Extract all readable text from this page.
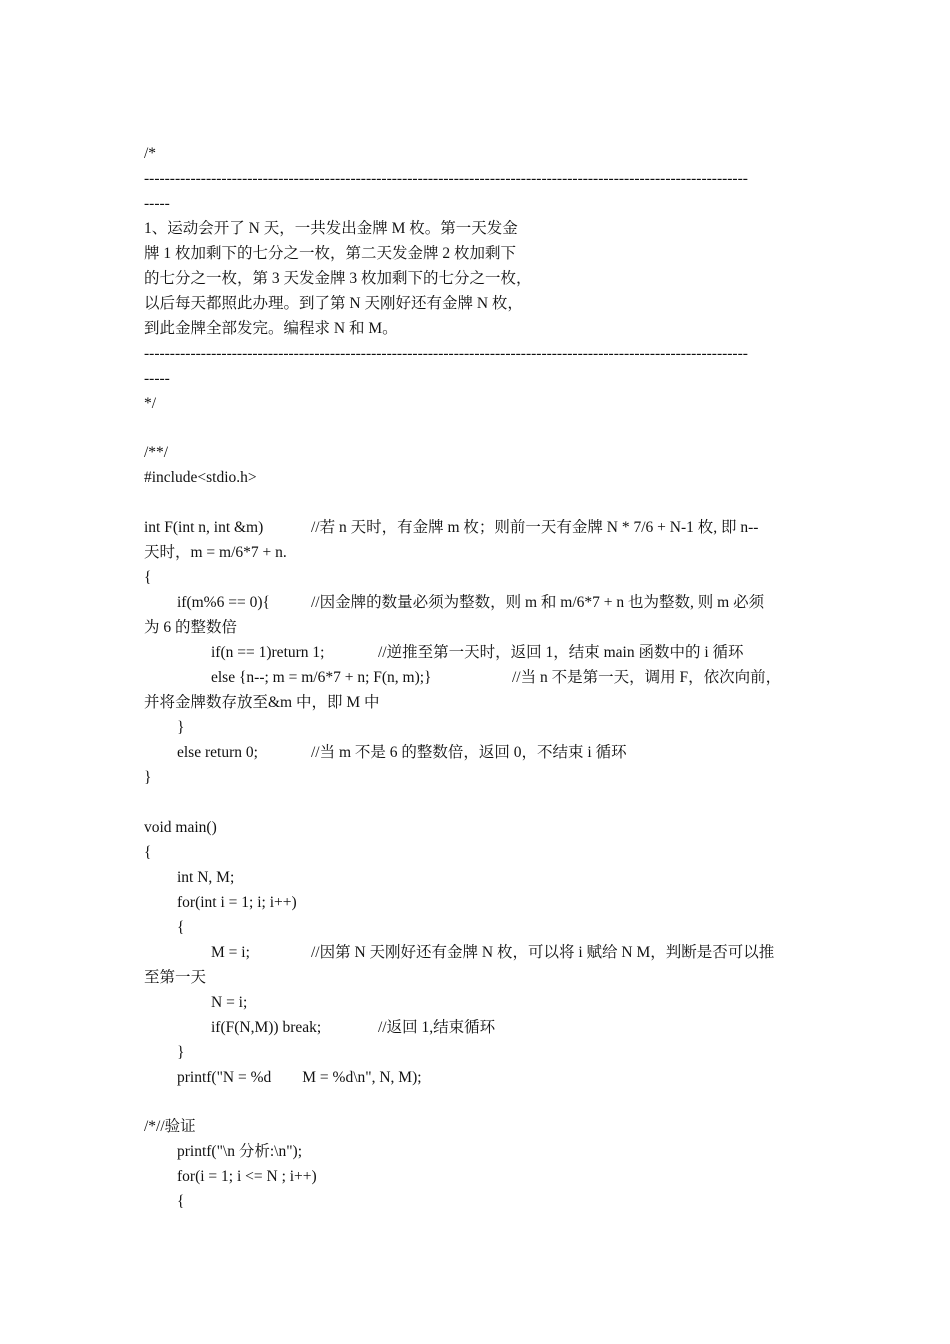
/*
---------------------------------------------------------------------------------------------------------------------
-----
1、运动会开了 N 天，一共发出金牌 M 枚。第一天发金
牌 1 枚加剩下的七分之一枚，第二天发金牌 2 枚加剩下
的七分之一枚，第 3 天发金牌 3 枚加剩下的七分之一枚，
以后每天都照此办理。到了第 N 天刚好还有金牌 N 枚，
到此金牌全部发完。编程求 N 和 M。
---------------------------------------------------------------------------------------------------------------------
-----
*/
/**/
#include<stdio.h>
int F(int n, int &m)	//若 n 天时，有金牌 m 枚；则前一天有金牌 N * 7/6 + N-1 枚, 即 n--
天时，m = m/6*7 + n.
{
if(m%6 == 0){	//因金牌的数量必须为整数，则 m 和 m/6*7 + n 也为整数, 则 m 必须
为 6 的整数倍
if(n == 1)return 1;	//逆推至第一天时，返回 1，结束 main 函数中的 i 循环
else {n--; m = m/6*7 + n; F(n, m);}	//当 n 不是第一天，调用 F，依次向前，
并将金牌数存放至&m 中，即 M 中
}
else return 0;	//当 m 不是 6 的整数倍，返回 0，不结束 i 循环
}
void main()
{
int N, M;
for(int i = 1; i; i++)
{
M = i;	//因第 N 天刚好还有金牌 N 枚，可以将 i 赋给 N M，判断是否可以推
至第一天
N = i;
if(F(N,M)) break;	//返回 1,结束循环
}
printf("N = %d        M = %d\n", N, M);
/*//验证
printf("\n 分析:\n");
for(i = 1; i <= N ; i++)
{
